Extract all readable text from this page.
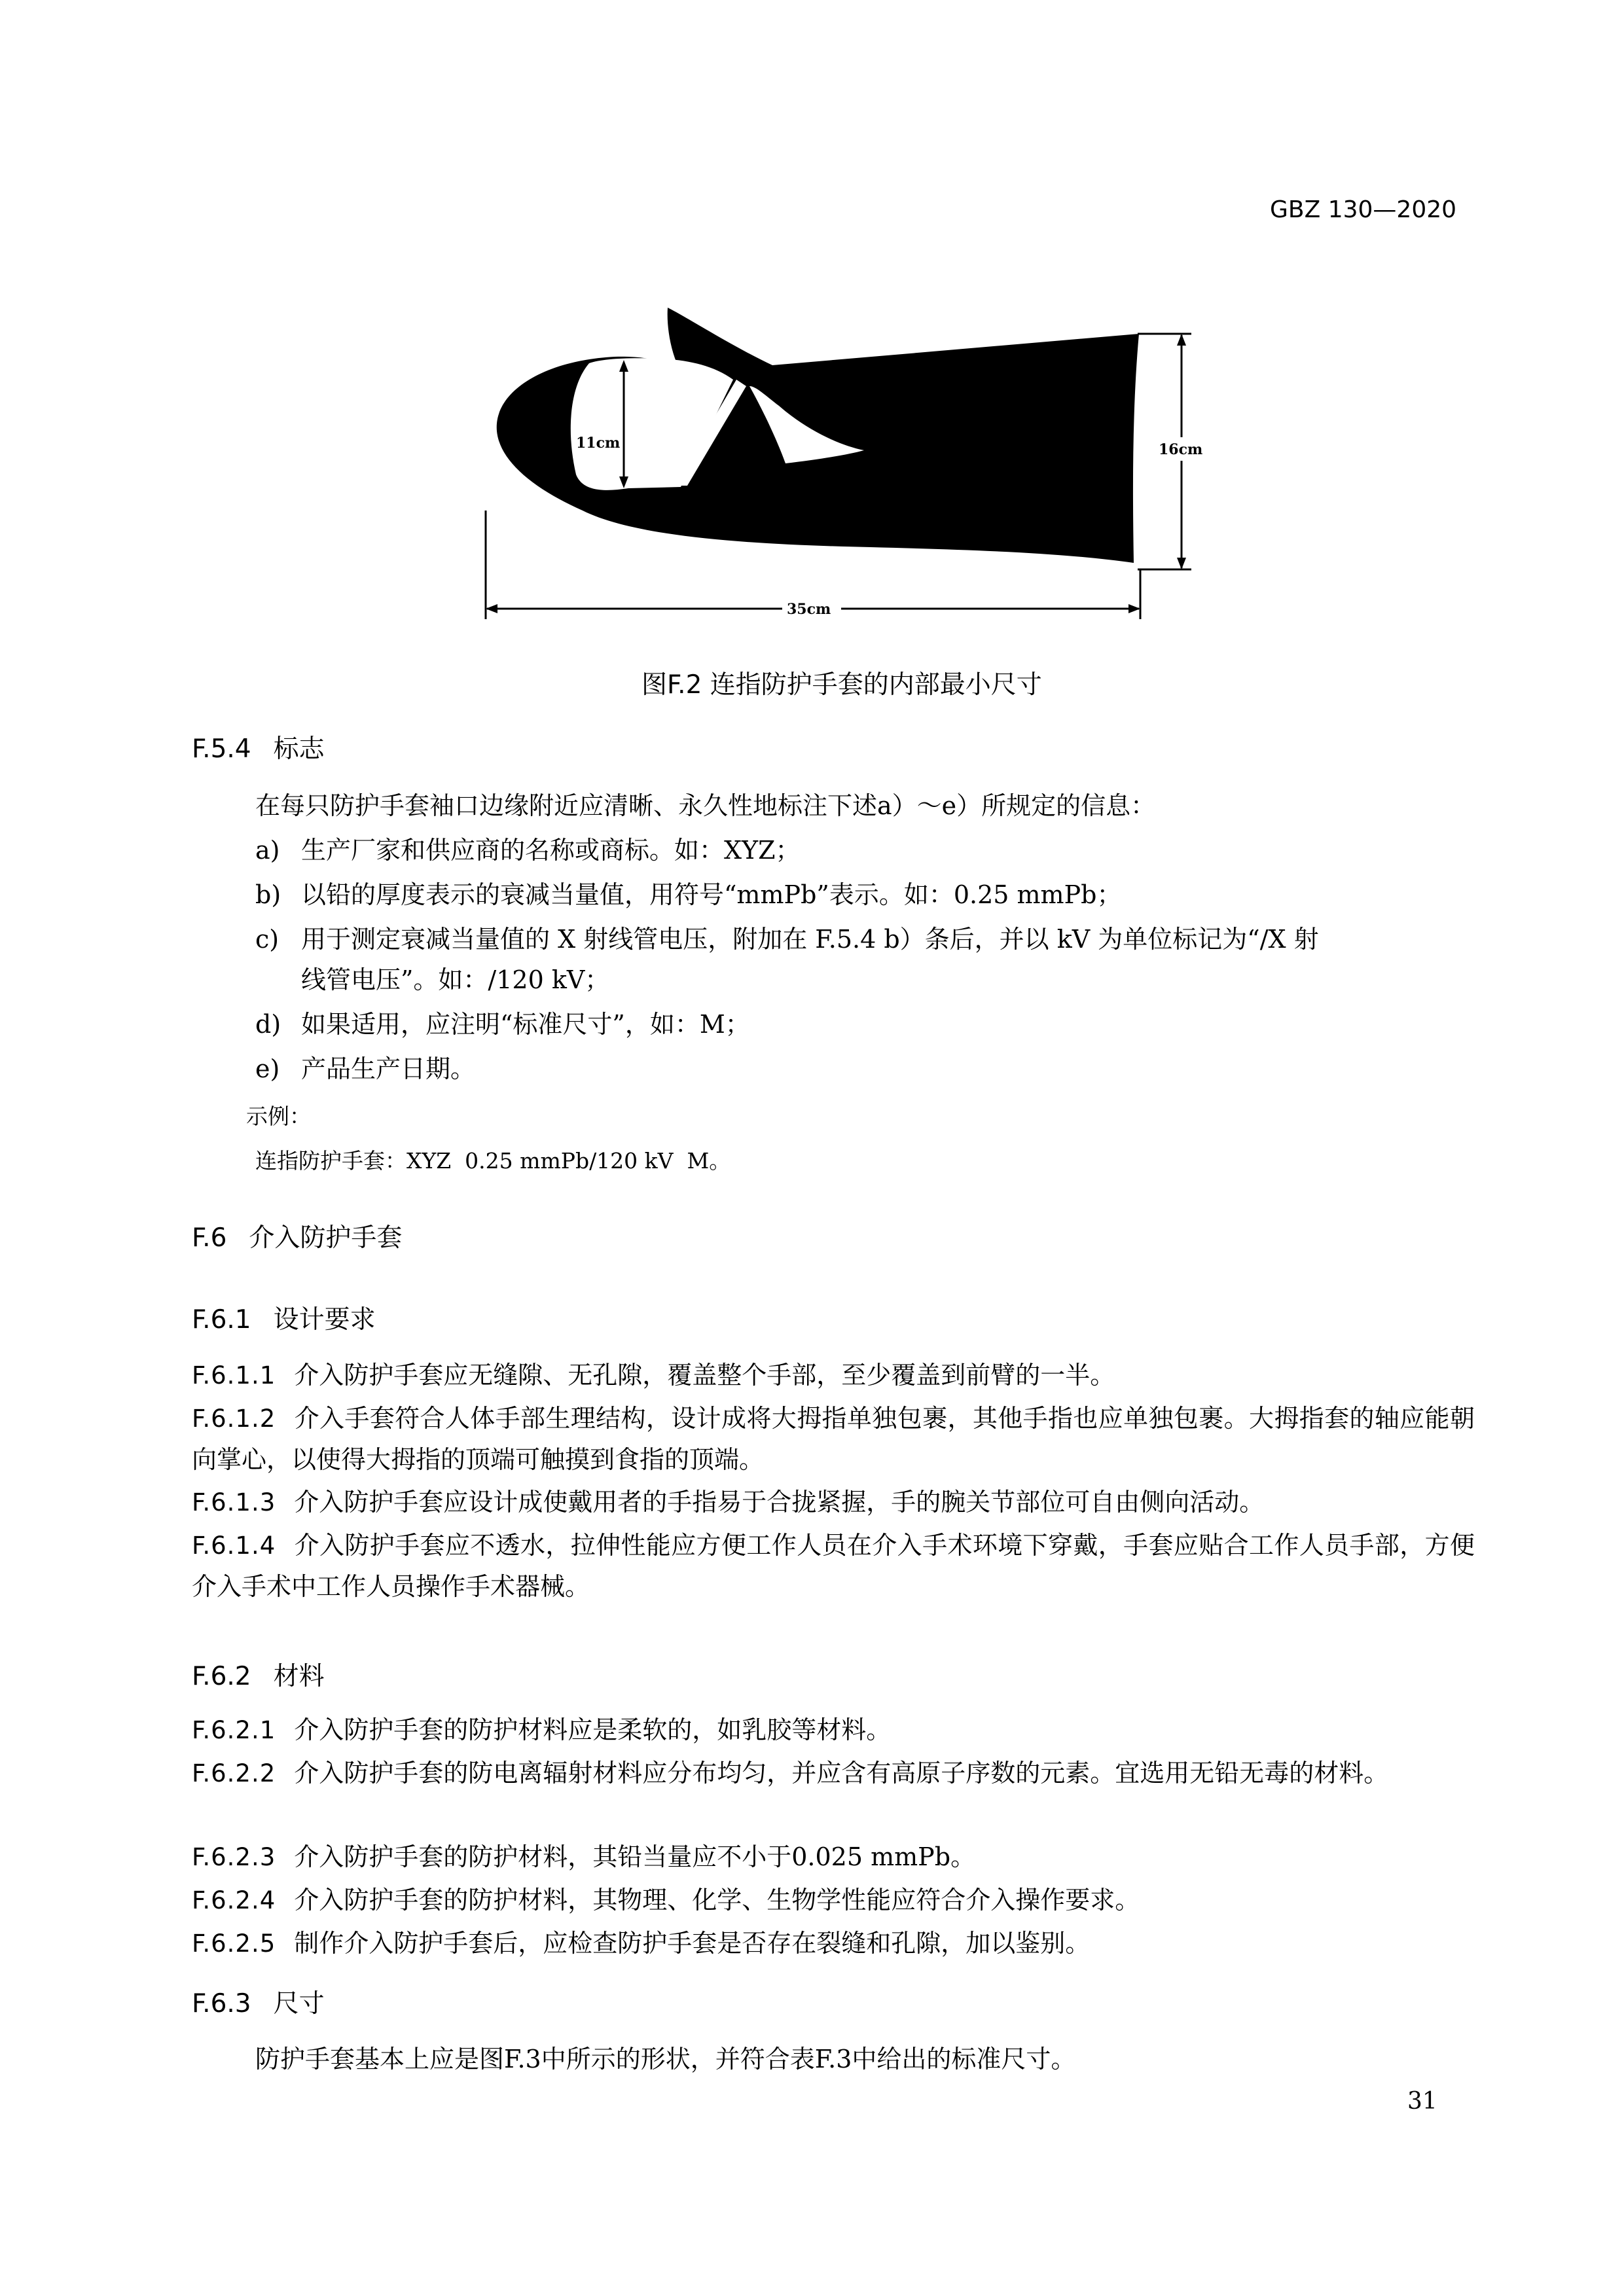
GBZ 130—2020
11cm	16cm
35cm
图F.2 连指防护手套的内部最小尺寸
F.5.4 标志
在每只防护手套袖口边缘附近应清晰、永久性地标注下述a）～e）所规定的信息：
a) 生产厂家和供应商的名称或商标。如：XYZ；
b) 以铅的厚度表示的衰减当量值，用符号“mmPb”表示。如：0.25 mmPb；
c) 用于测定衰减当量值的 X 射线管电压，附加在 F.5.4 b）条后，并以 kV 为单位标记为“/X 射
线管电压”。如：/120 kV；
d) 如果适用，应注明“标准尺寸”，如：M；
e) 产品生产日期。
示例：
连指防护手套：XYZ  0.25 mmPb/120 kV  M。
F.6 介入防护手套
F.6.1 设计要求
F.6.1.1 介入防护手套应无缝隙、无孔隙，覆盖整个手部，至少覆盖到前臂的一半。
F.6.1.2 介入手套符合人体手部生理结构，设计成将大拇指单独包裹，其他手指也应单独包裹。大拇指套的轴应能朝向掌心，以使得大拇指的顶端可触摸到食指的顶端。
F.6.1.3 介入防护手套应设计成使戴用者的手指易于合拢紧握，手的腕关节部位可自由侧向活动。
F.6.1.4 介入防护手套应不透水，拉伸性能应方便工作人员在介入手术环境下穿戴，手套应贴合工作人员手部，方便介入手术中工作人员操作手术器械。
F.6.2 材料
F.6.2.1 介入防护手套的防护材料应是柔软的，如乳胶等材料。
F.6.2.2 介入防护手套的防电离辐射材料应分布均匀，并应含有高原子序数的元素。宜选用无铅无毒的材料。
F.6.2.3 介入防护手套的防护材料，其铅当量应不小于0.025 mmPb。
F.6.2.4 介入防护手套的防护材料，其物理、化学、生物学性能应符合介入操作要求。
F.6.2.5 制作介入防护手套后，应检查防护手套是否存在裂缝和孔隙，加以鉴别。
F.6.3 尺寸
防护手套基本上应是图F.3中所示的形状，并符合表F.3中给出的标准尺寸。
31
